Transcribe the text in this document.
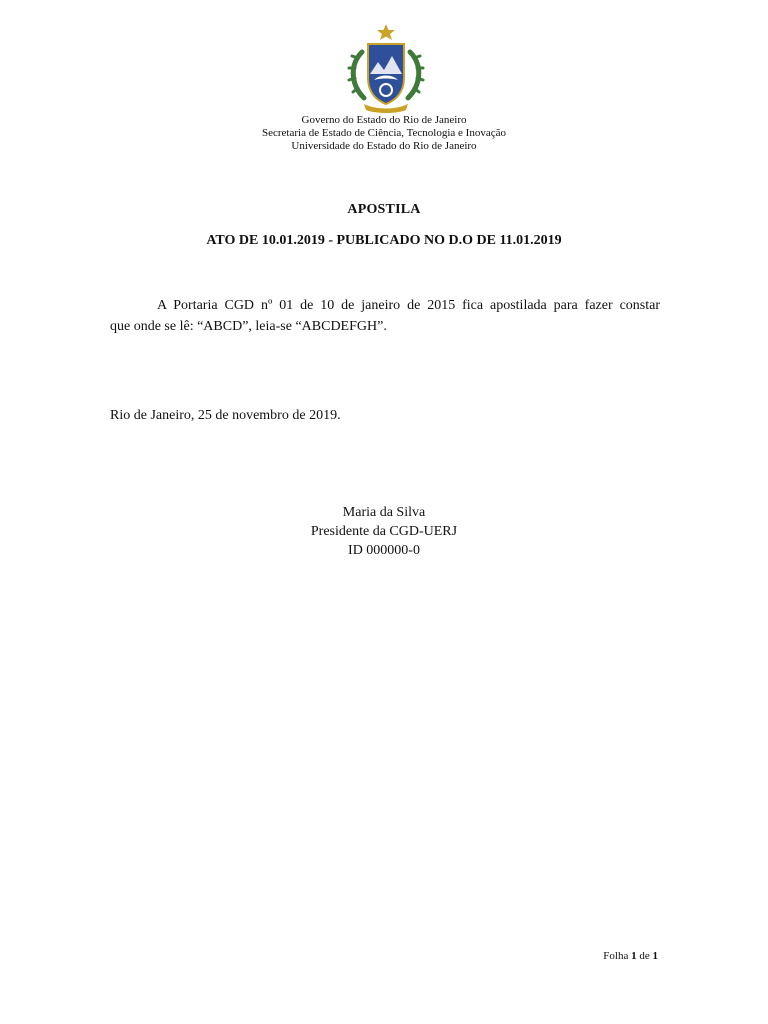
Governo do Estado do Rio de Janeiro
Secretaria de Estado de Ciência, Tecnologia e Inovação
Universidade do Estado do Rio de Janeiro
APOSTILA
ATO DE 10.01.2019 - PUBLICADO NO D.O DE 11.01.2019
A Portaria CGD nº 01 de 10 de janeiro de 2015 fica apostilada para fazer constar
que onde se lê: “ABCD”, leia-se “ABCDEFGH”.
Rio de Janeiro, 25 de novembro de 2019.
Maria da Silva
Presidente da CGD-UERJ
ID 000000-0
Folha 1 de 1
